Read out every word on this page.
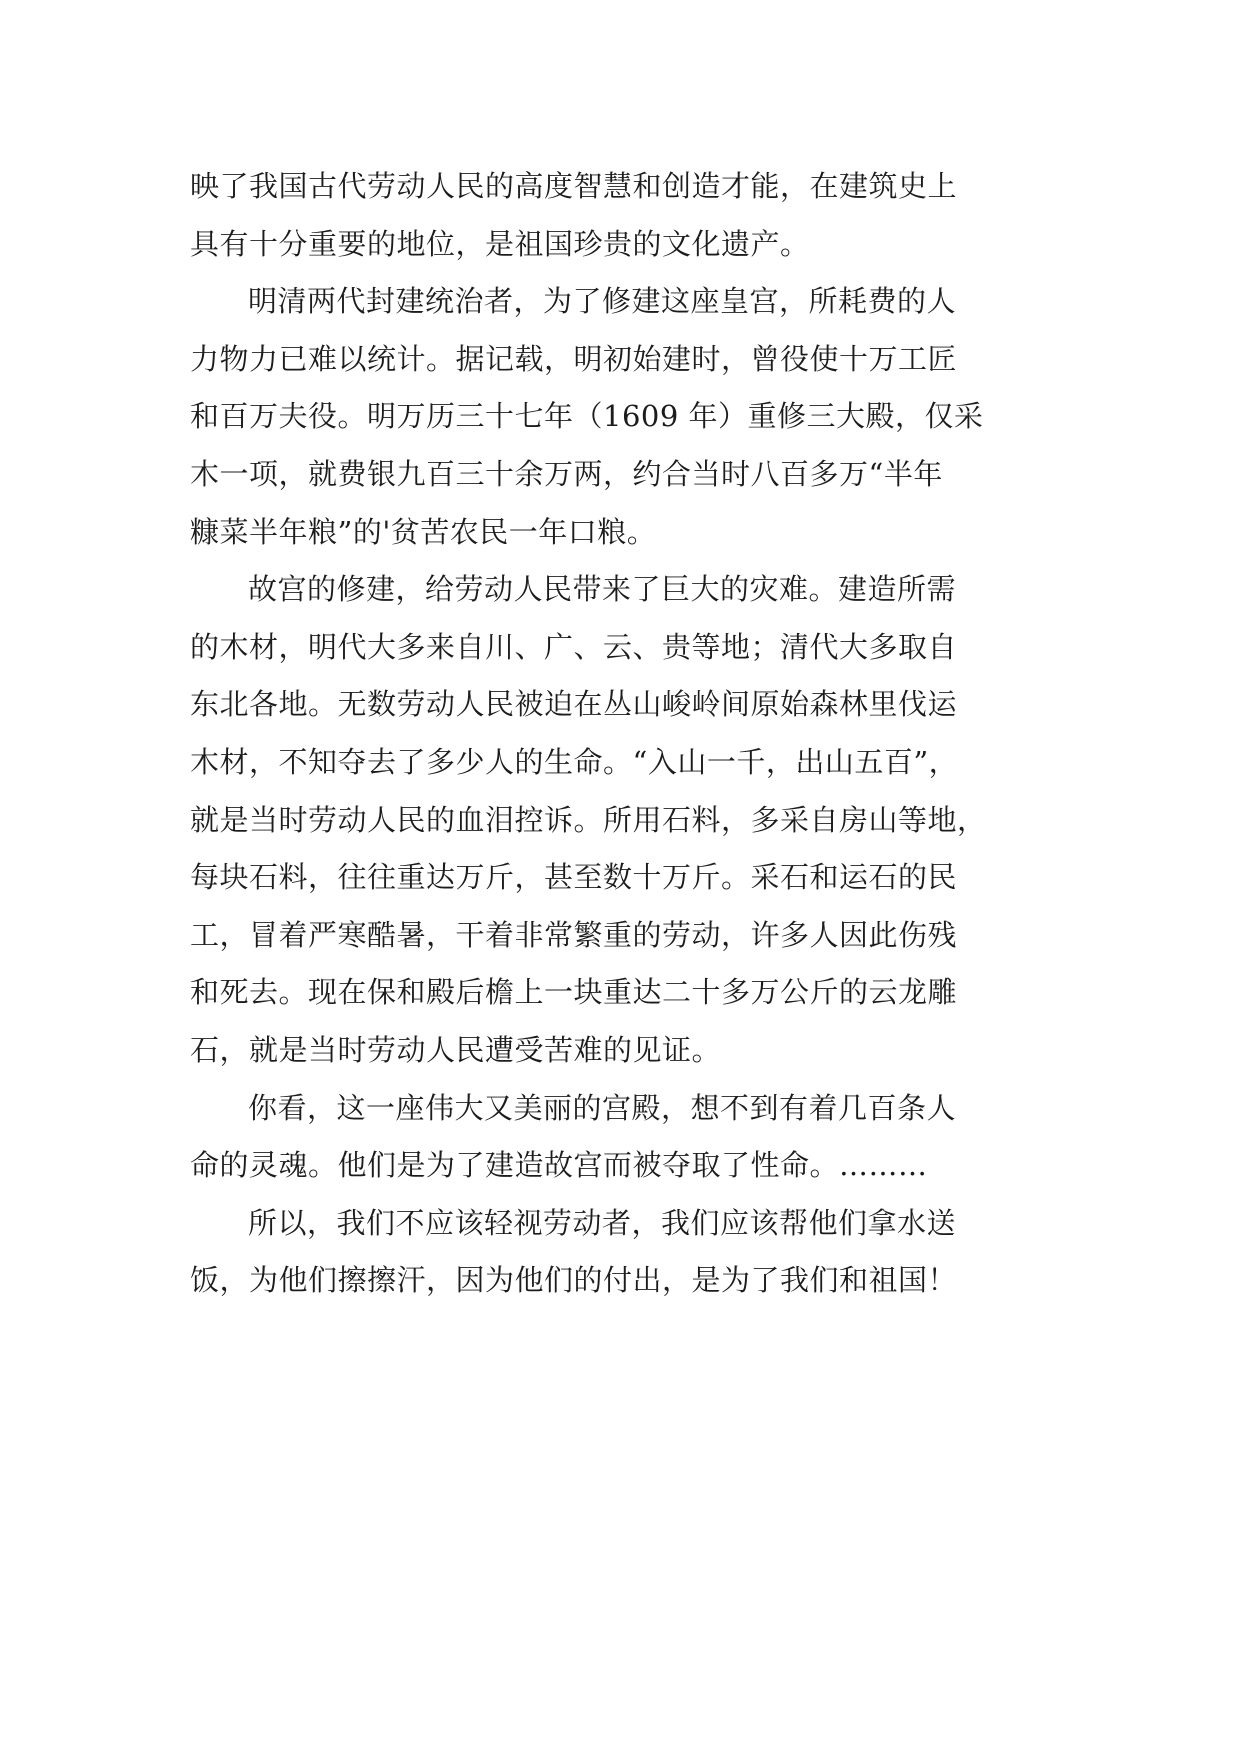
映了我国古代劳动人民的高度智慧和创造才能，在建筑史上
具有十分重要的地位，是祖国珍贵的文化遗产。

明清两代封建统治者，为了修建这座皇宫，所耗费的人
力物力已难以统计。据记载，明初始建时，曾役使十万工匠
和百万夫役。明万历三十七年（1609 年）重修三大殿，仅采
木一项，就费银九百三十余万两，约合当时八百多万“半年
糠菜半年粮”的'贫苦农民一年口粮。

故宫的修建，给劳动人民带来了巨大的灾难。建造所需
的木材，明代大多来自川、广、云、贵等地；清代大多取自
东北各地。无数劳动人民被迫在丛山峻岭间原始森林里伐运
木材，不知夺去了多少人的生命。“入山一千，出山五百”，
就是当时劳动人民的血泪控诉。所用石料，多采自房山等地，
每块石料，往往重达万斤，甚至数十万斤。采石和运石的民
工，冒着严寒酷暑，干着非常繁重的劳动，许多人因此伤残
和死去。现在保和殿后檐上一块重达二十多万公斤的云龙雕
石，就是当时劳动人民遭受苦难的见证。

你看，这一座伟大又美丽的宫殿，想不到有着几百条人
命的灵魂。他们是为了建造故宫而被夺取了性命。………

所以，我们不应该轻视劳动者，我们应该帮他们拿水送
饭，为他们擦擦汗，因为他们的付出，是为了我们和祖国！
